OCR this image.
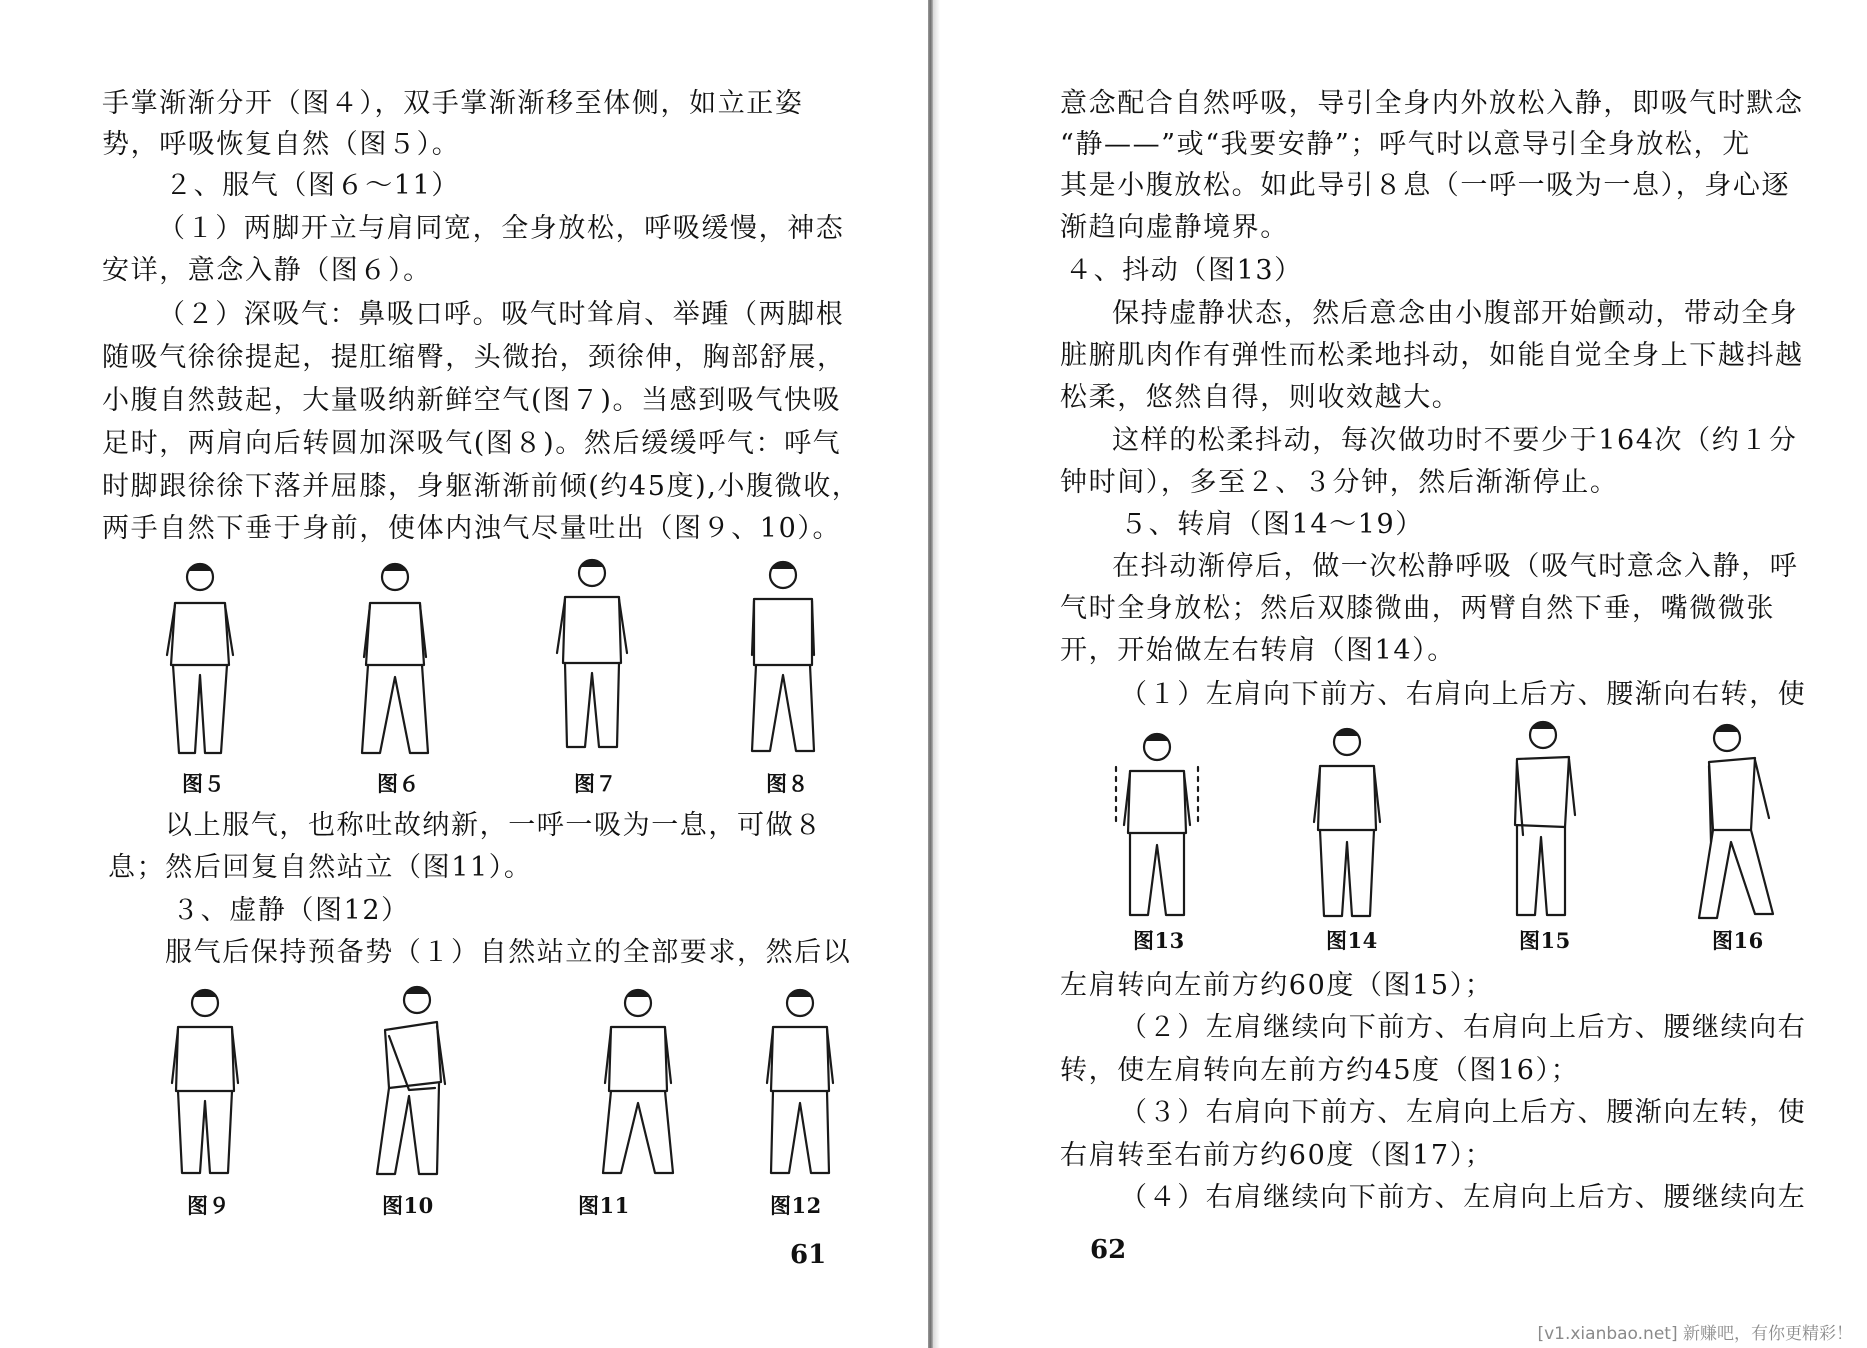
手掌渐渐分开（图４），双手掌渐渐移至体侧，如立正姿

势，呼吸恢复自然（图５）。

２、服气（图６～11）

（１）两脚开立与肩同宽，全身放松，呼吸缓慢，神态

安详，意念入静（图６）。

（２）深吸气：鼻吸口呼。吸气时耸肩、举踵（两脚根

随吸气徐徐提起，提肛缩臀，头微抬，颈徐伸，胸部舒展，

小腹自然鼓起，大量吸纳新鲜空气(图７)。当感到吸气快吸

足时，两肩向后转圆加深吸气(图８)。然后缓缓呼气：呼气

时脚跟徐徐下落并屈膝，身躯渐渐前倾(约45度),小腹微收，

两手自然下垂于身前，使体内浊气尽量吐出（图９、10）。

图５	图６	图７	图８

以上服气，也称吐故纳新，一呼一吸为一息，可做８

息；然后回复自然站立（图11）。

３、虚静（图12）

服气后保持预备势（１）自然站立的全部要求，然后以

图９	图10	图11	图12
61

意念配合自然呼吸，导引全身内外放松入静，即吸气时默念

“静——”或“我要安静”；呼气时以意导引全身放松，尤

其是小腹放松。如此导引８息（一呼一吸为一息），身心逐

渐趋向虚静境界。

４、抖动（图13）

保持虚静状态，然后意念由小腹部开始颤动，带动全身

脏腑肌肉作有弹性而松柔地抖动，如能自觉全身上下越抖越

松柔，悠然自得，则收效越大。

这样的松柔抖动，每次做功时不要少于164次（约１分

钟时间），多至２、３分钟，然后渐渐停止。

５、转肩（图14～19）

在抖动渐停后，做一次松静呼吸（吸气时意念入静，呼

气时全身放松；然后双膝微曲，两臂自然下垂，嘴微微张

开，开始做左右转肩（图14）。

（１）左肩向下前方、右肩向上后方、腰渐向右转，使

图13	图14	图15	图16

左肩转向左前方约60度（图15）；

（２）左肩继续向下前方、右肩向上后方、腰继续向右

转，使左肩转向左前方约45度（图16）；

（３）右肩向下前方、左肩向上后方、腰渐向左转，使

右肩转至右前方约60度（图17）；

（４）右肩继续向下前方、左肩向上后方、腰继续向左

62
[v1.xianbao.net] 新赚吧，有你更精彩！
